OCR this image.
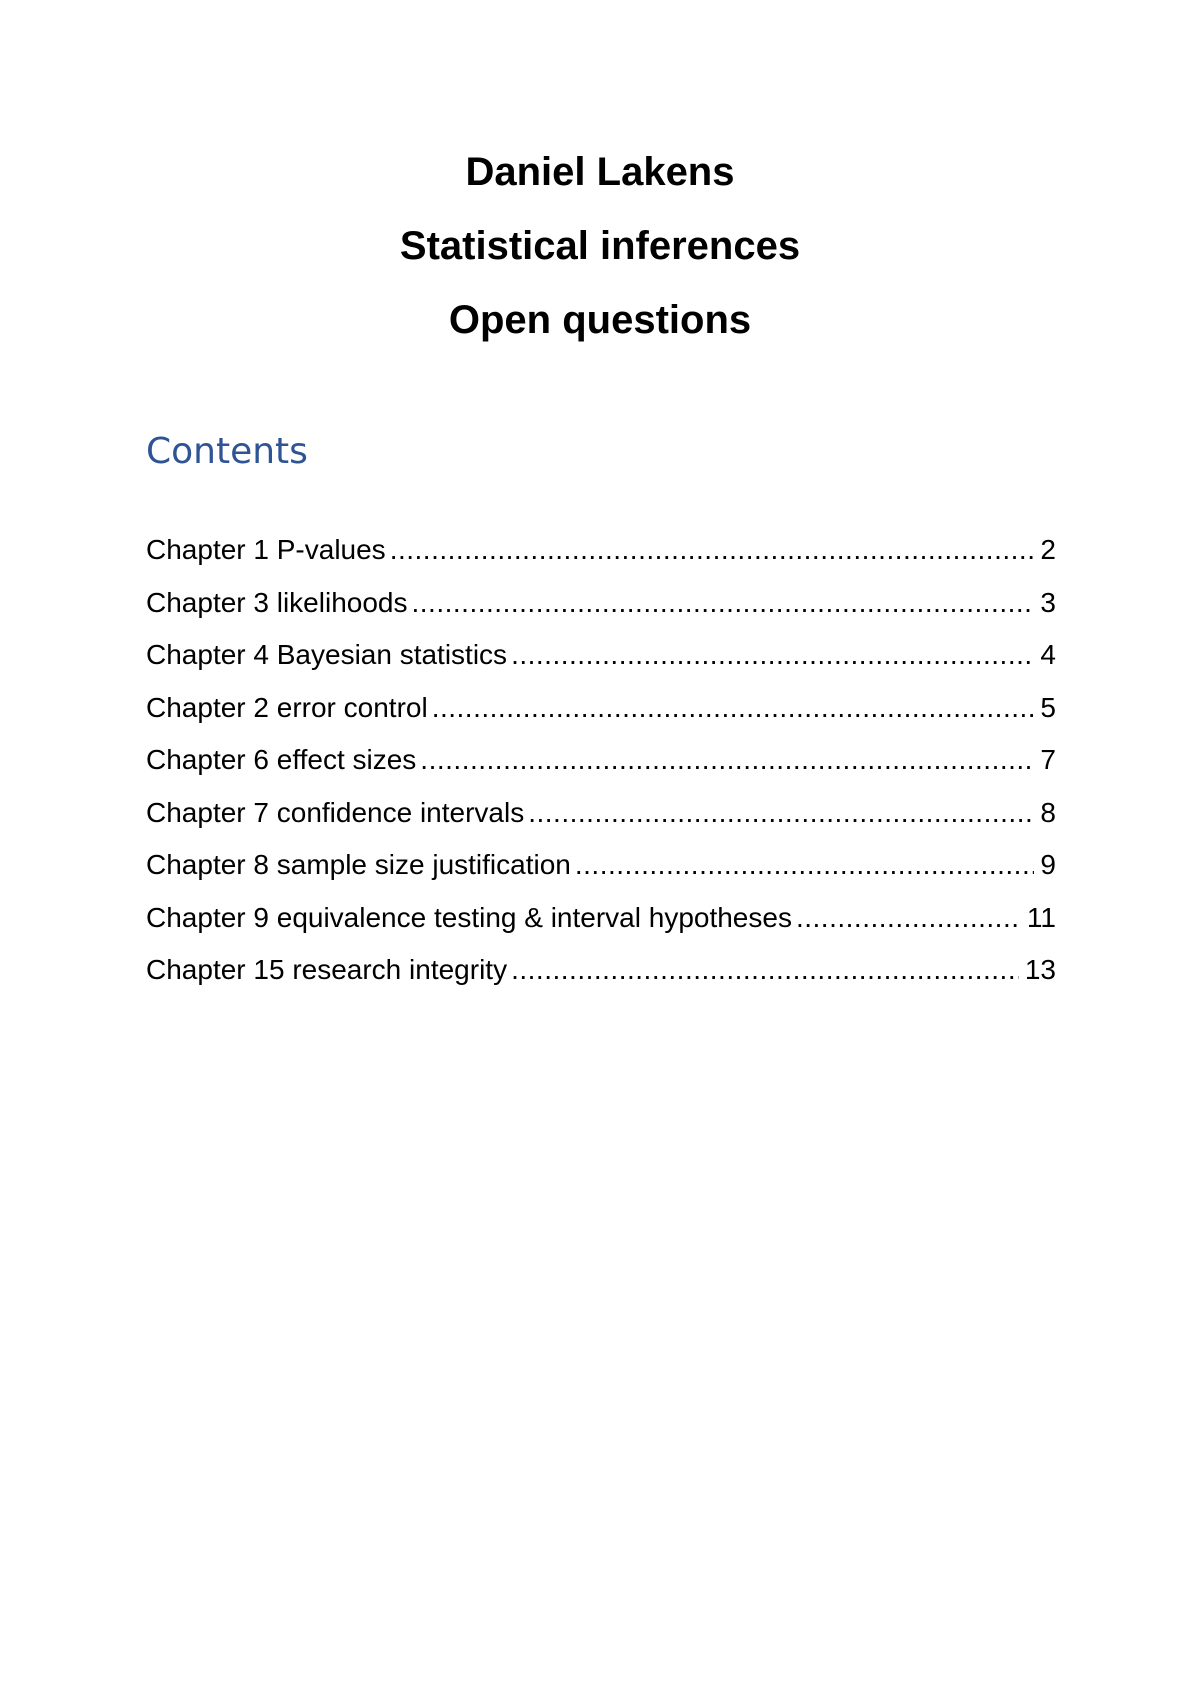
Daniel Lakens
Statistical inferences
Open questions
Contents
Chapter 1 P-values .....	2
Chapter 3 likelihoods .....	3
Chapter 4 Bayesian statistics .....	4
Chapter 2 error control .....	5
Chapter 6 effect sizes .....	7
Chapter 7 confidence intervals .....	8
Chapter 8 sample size justification .....	9
Chapter 9 equivalence testing & interval hypotheses .....	11
Chapter 15 research integrity .....	13
